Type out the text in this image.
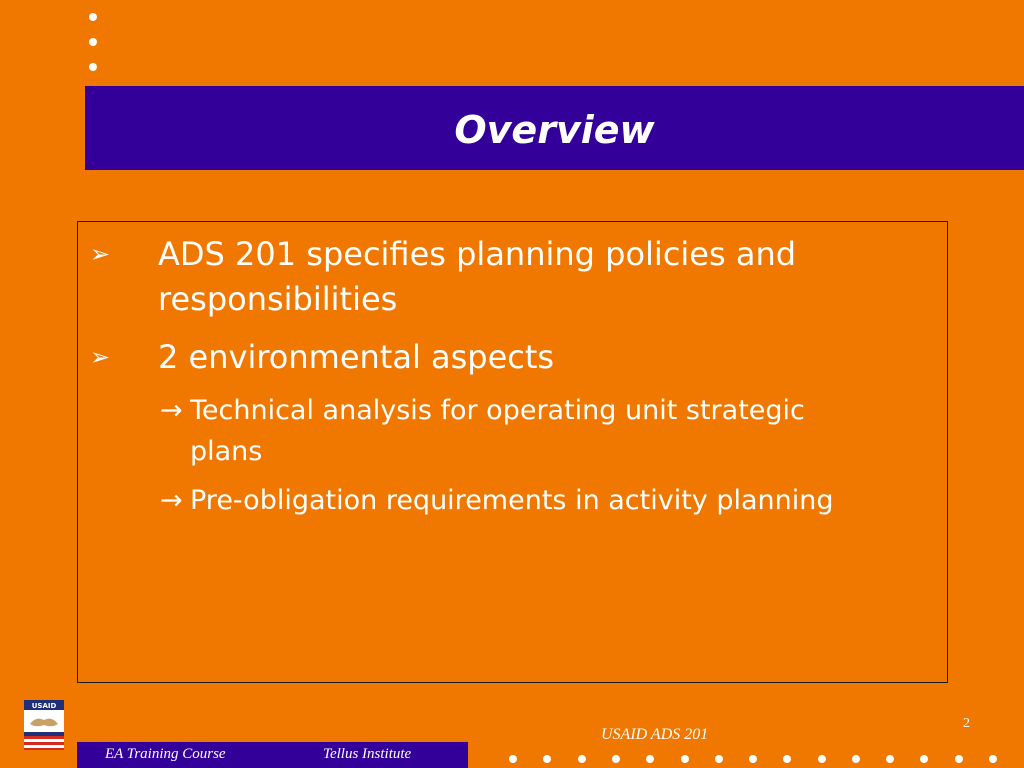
Overview
➢	ADS 201 specifies planning policies and responsibilities
➢	2 environmental aspects
→ Technical analysis for operating unit strategic plans
→ Pre-obligation requirements in activity planning
USAID
EA Training Course	Tellus Institute
USAID ADS 201
2
